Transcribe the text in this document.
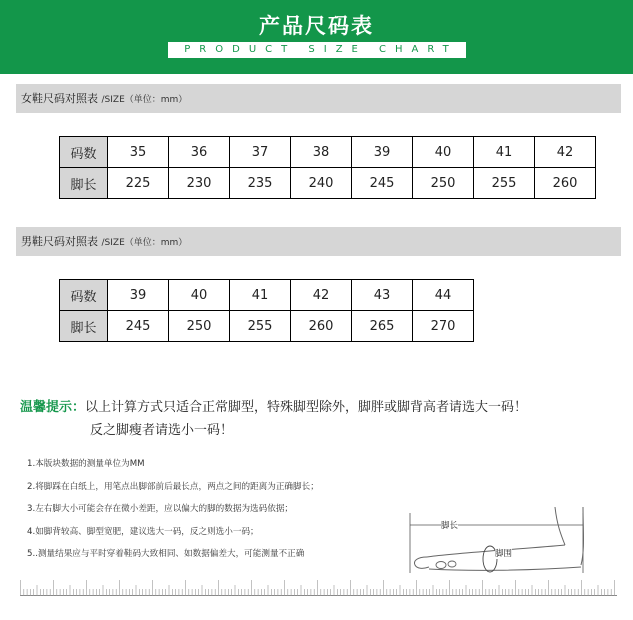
产品尺码表
PRODUCT SIZE CHART
女鞋尺码对照表 /SIZE（单位：mm）
码数	35	36	37	38	39	40	41	42
脚长	225	230	235	240	245	250	255	260
男鞋尺码对照表 /SIZE（单位：mm）
码数	39	40	41	42	43	44
脚长	245	250	255	260	265	270
温馨提示：以上计算方式只适合正常脚型，特殊脚型除外，脚胖或脚背高者请选大一码！
反之脚瘦者请选小一码！
1.本版块数据的测量单位为MM
2.将脚踩在白纸上，用笔点出脚部前后最长点，两点之间的距离为正确脚长；
3.左右脚大小可能会存在微小差距，应以偏大的脚的数据为选码依据；
4.如脚背较高、脚型宽肥，建议选大一码，反之则选小一码；
5..测量结果应与平时穿着鞋码大致相同、如数据偏差大，可能测量不正确
脚长
脚围
